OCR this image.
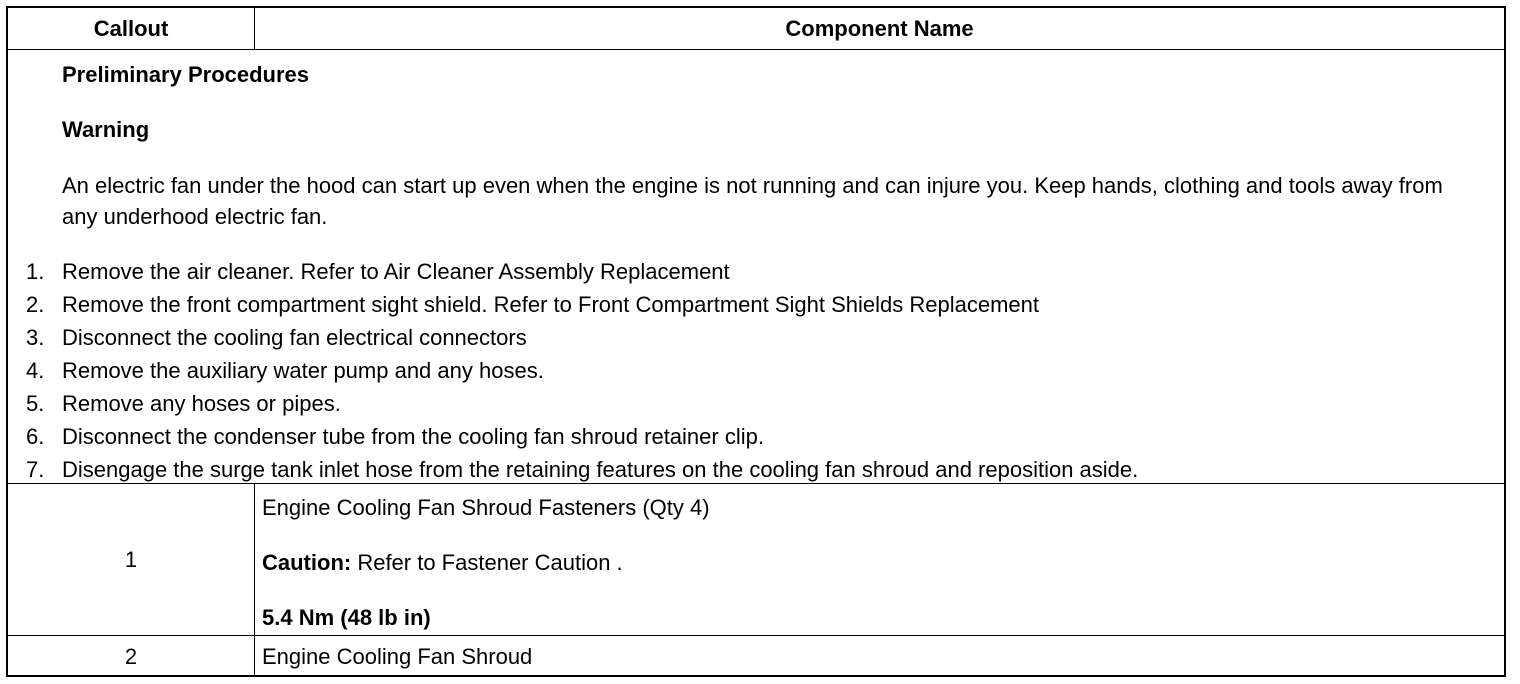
Callout	Component Name
Preliminary Procedures
Warning
An electric fan under the hood can start up even when the engine is not running and can injure you. Keep hands, clothing and tools away from any underhood electric fan.
1. Remove the air cleaner. Refer to Air Cleaner Assembly Replacement
2. Remove the front compartment sight shield. Refer to Front Compartment Sight Shields Replacement
3. Disconnect the cooling fan electrical connectors
4. Remove the auxiliary water pump and any hoses.
5. Remove any hoses or pipes.
6. Disconnect the condenser tube from the cooling fan shroud retainer clip.
7. Disengage the surge tank inlet hose from the retaining features on the cooling fan shroud and reposition aside.
1
Engine Cooling Fan Shroud Fasteners (Qty 4)
Caution: Refer to Fastener Caution .
5.4 Nm (48 lb in)
2	Engine Cooling Fan Shroud
